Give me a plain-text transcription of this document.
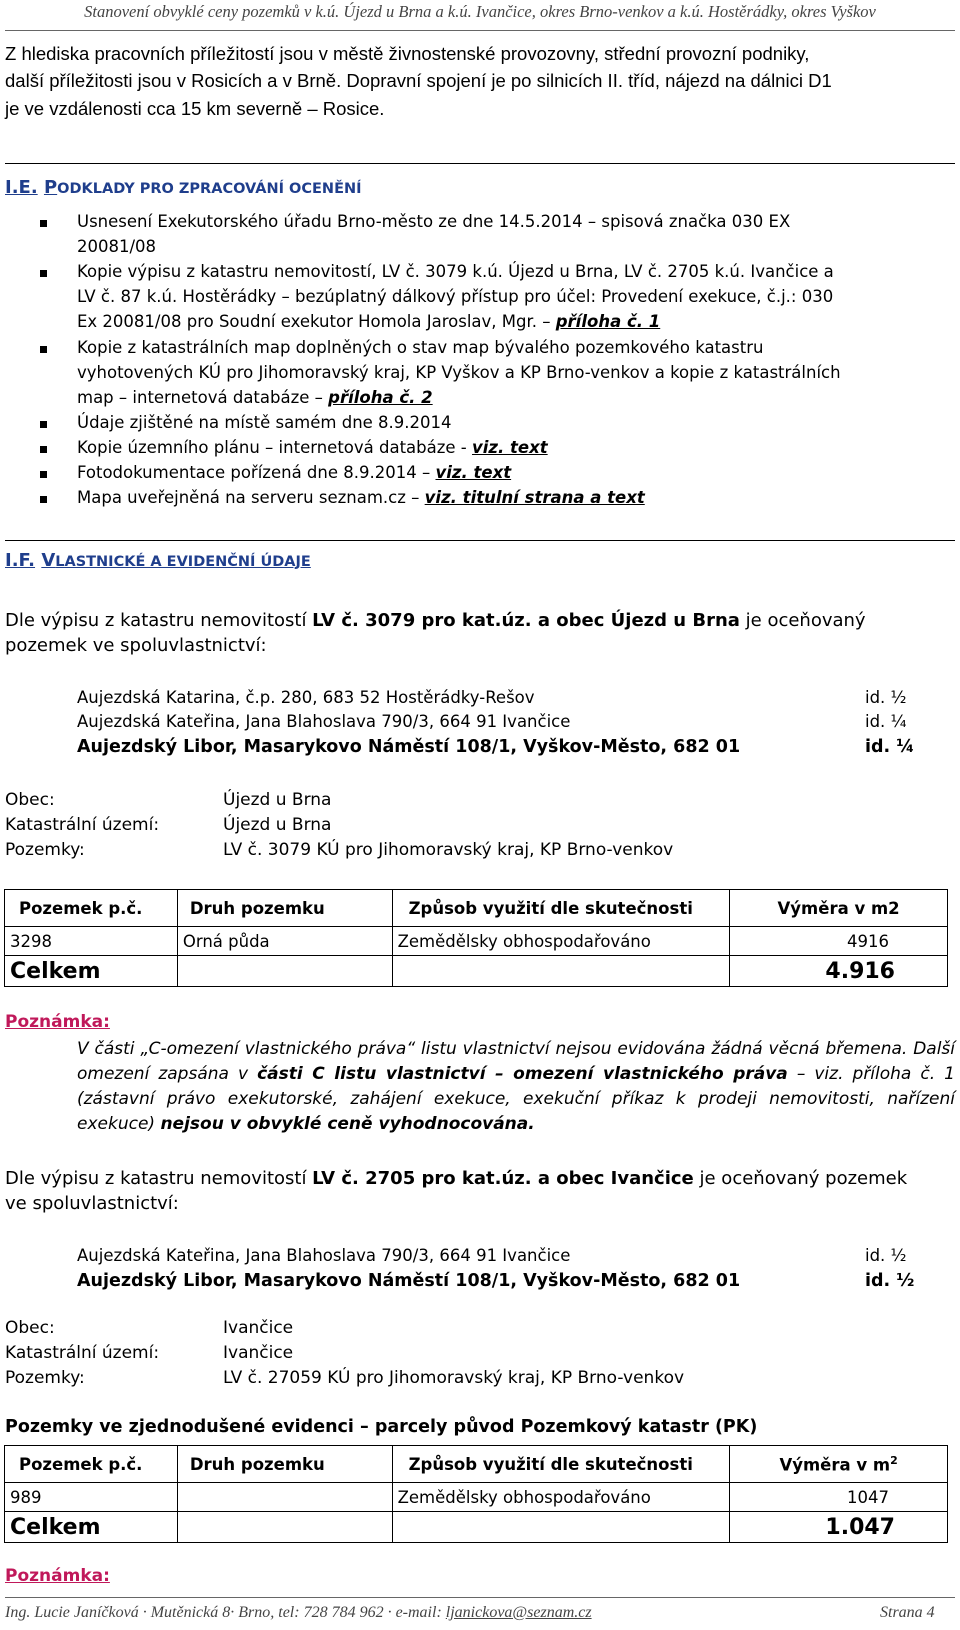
Stanovení obvyklé ceny pozemků v k.ú. Újezd u Brna a k.ú. Ivančice, okres Brno-venkov a k.ú. Hostěrádky, okres Vyškov
Z hlediska pracovních příležitostí jsou v městě živnostenské provozovny, střední provozní podniky,
další příležitosti jsou v Rosicích a v Brně. Dopravní spojení je po silnicích II. tříd, nájezd na dálnici D1
je ve vzdálenosti cca 15 km severně – Rosice.
I.E. PODKLADY PRO ZPRACOVÁNÍ OCENĚNÍ
Usnesení Exekutorského úřadu Brno-město ze dne 14.5.2014 – spisová značka 030 EX
20081/08
Kopie výpisu z katastru nemovitostí, LV č. 3079 k.ú. Újezd u Brna, LV č. 2705 k.ú. Ivančice a
LV č. 87 k.ú. Hostěrádky – bezúplatný dálkový přístup pro účel: Provedení exekuce, č.j.: 030
Ex 20081/08 pro Soudní exekutor Homola Jaroslav, Mgr. – příloha č. 1
Kopie z katastrálních map doplněných o stav map bývalého pozemkového katastru
vyhotovených KÚ pro Jihomoravský kraj, KP Vyškov a KP Brno-venkov a kopie z katastrálních
map – internetová databáze – příloha č. 2
Údaje zjištěné na místě samém dne 8.9.2014
Kopie územního plánu – internetová databáze - viz. text
Fotodokumentace pořízená dne 8.9.2014 – viz. text
Mapa uveřejněná na serveru seznam.cz – viz. titulní strana a text
I.F. VLASTNICKÉ A EVIDENČNÍ ÚDAJE
Dle výpisu z katastru nemovitostí LV č. 3079 pro kat.úz. a obec Újezd u Brna je oceňovaný
pozemek ve spoluvlastnictví:
Aujezdská Katarina, č.p. 280, 683 52 Hostěrádky-Rešov	id. ½
Aujezdská Kateřina, Jana Blahoslava 790/3, 664 91 Ivančice	id. ¼
Aujezdský Libor, Masarykovo Náměstí 108/1, Vyškov-Město, 682 01	id. ¼
Obec:	Újezd u Brna
Katastrální území:	Újezd u Brna
Pozemky:	LV č. 3079 KÚ pro Jihomoravský kraj, KP Brno-venkov
Pozemek p.č.	Druh pozemku	Způsob využití dle skutečnosti	Výměra v m2
3298	Orná půda	Zemědělsky obhospodařováno	4916
Celkem			4.916
Poznámka:
V části „C-omezení vlastnického práva“ listu vlastnictví nejsou evidována žádná věcná břemena. Další omezení zapsána v části C listu vlastnictví – omezení vlastnického práva – viz. příloha č. 1 (zástavní právo exekutorské, zahájení exekuce, exekuční příkaz k prodeji nemovitosti, nařízení exekuce) nejsou v obvyklé ceně vyhodnocována.
Dle výpisu z katastru nemovitostí LV č. 2705 pro kat.úz. a obec Ivančice je oceňovaný pozemek
ve spoluvlastnictví:
Aujezdská Kateřina, Jana Blahoslava 790/3, 664 91 Ivančice	id. ½
Aujezdský Libor, Masarykovo Náměstí 108/1, Vyškov-Město, 682 01	id. ½
Obec:	Ivančice
Katastrální území:	Ivančice
Pozemky:	LV č. 27059 KÚ pro Jihomoravský kraj, KP Brno-venkov
Pozemky ve zjednodušené evidenci – parcely původ Pozemkový katastr (PK)
Pozemek p.č.	Druh pozemku	Způsob využití dle skutečnosti	Výměra v $m^2$
989		Zemědělsky obhospodařováno	1047
Celkem			1.047
Poznámka:
Ing. Lucie Janíčková · Mutěnická 8· Brno, tel: 728 784 962 · e-mail: ljanickova@seznam.cz	Strana 4
